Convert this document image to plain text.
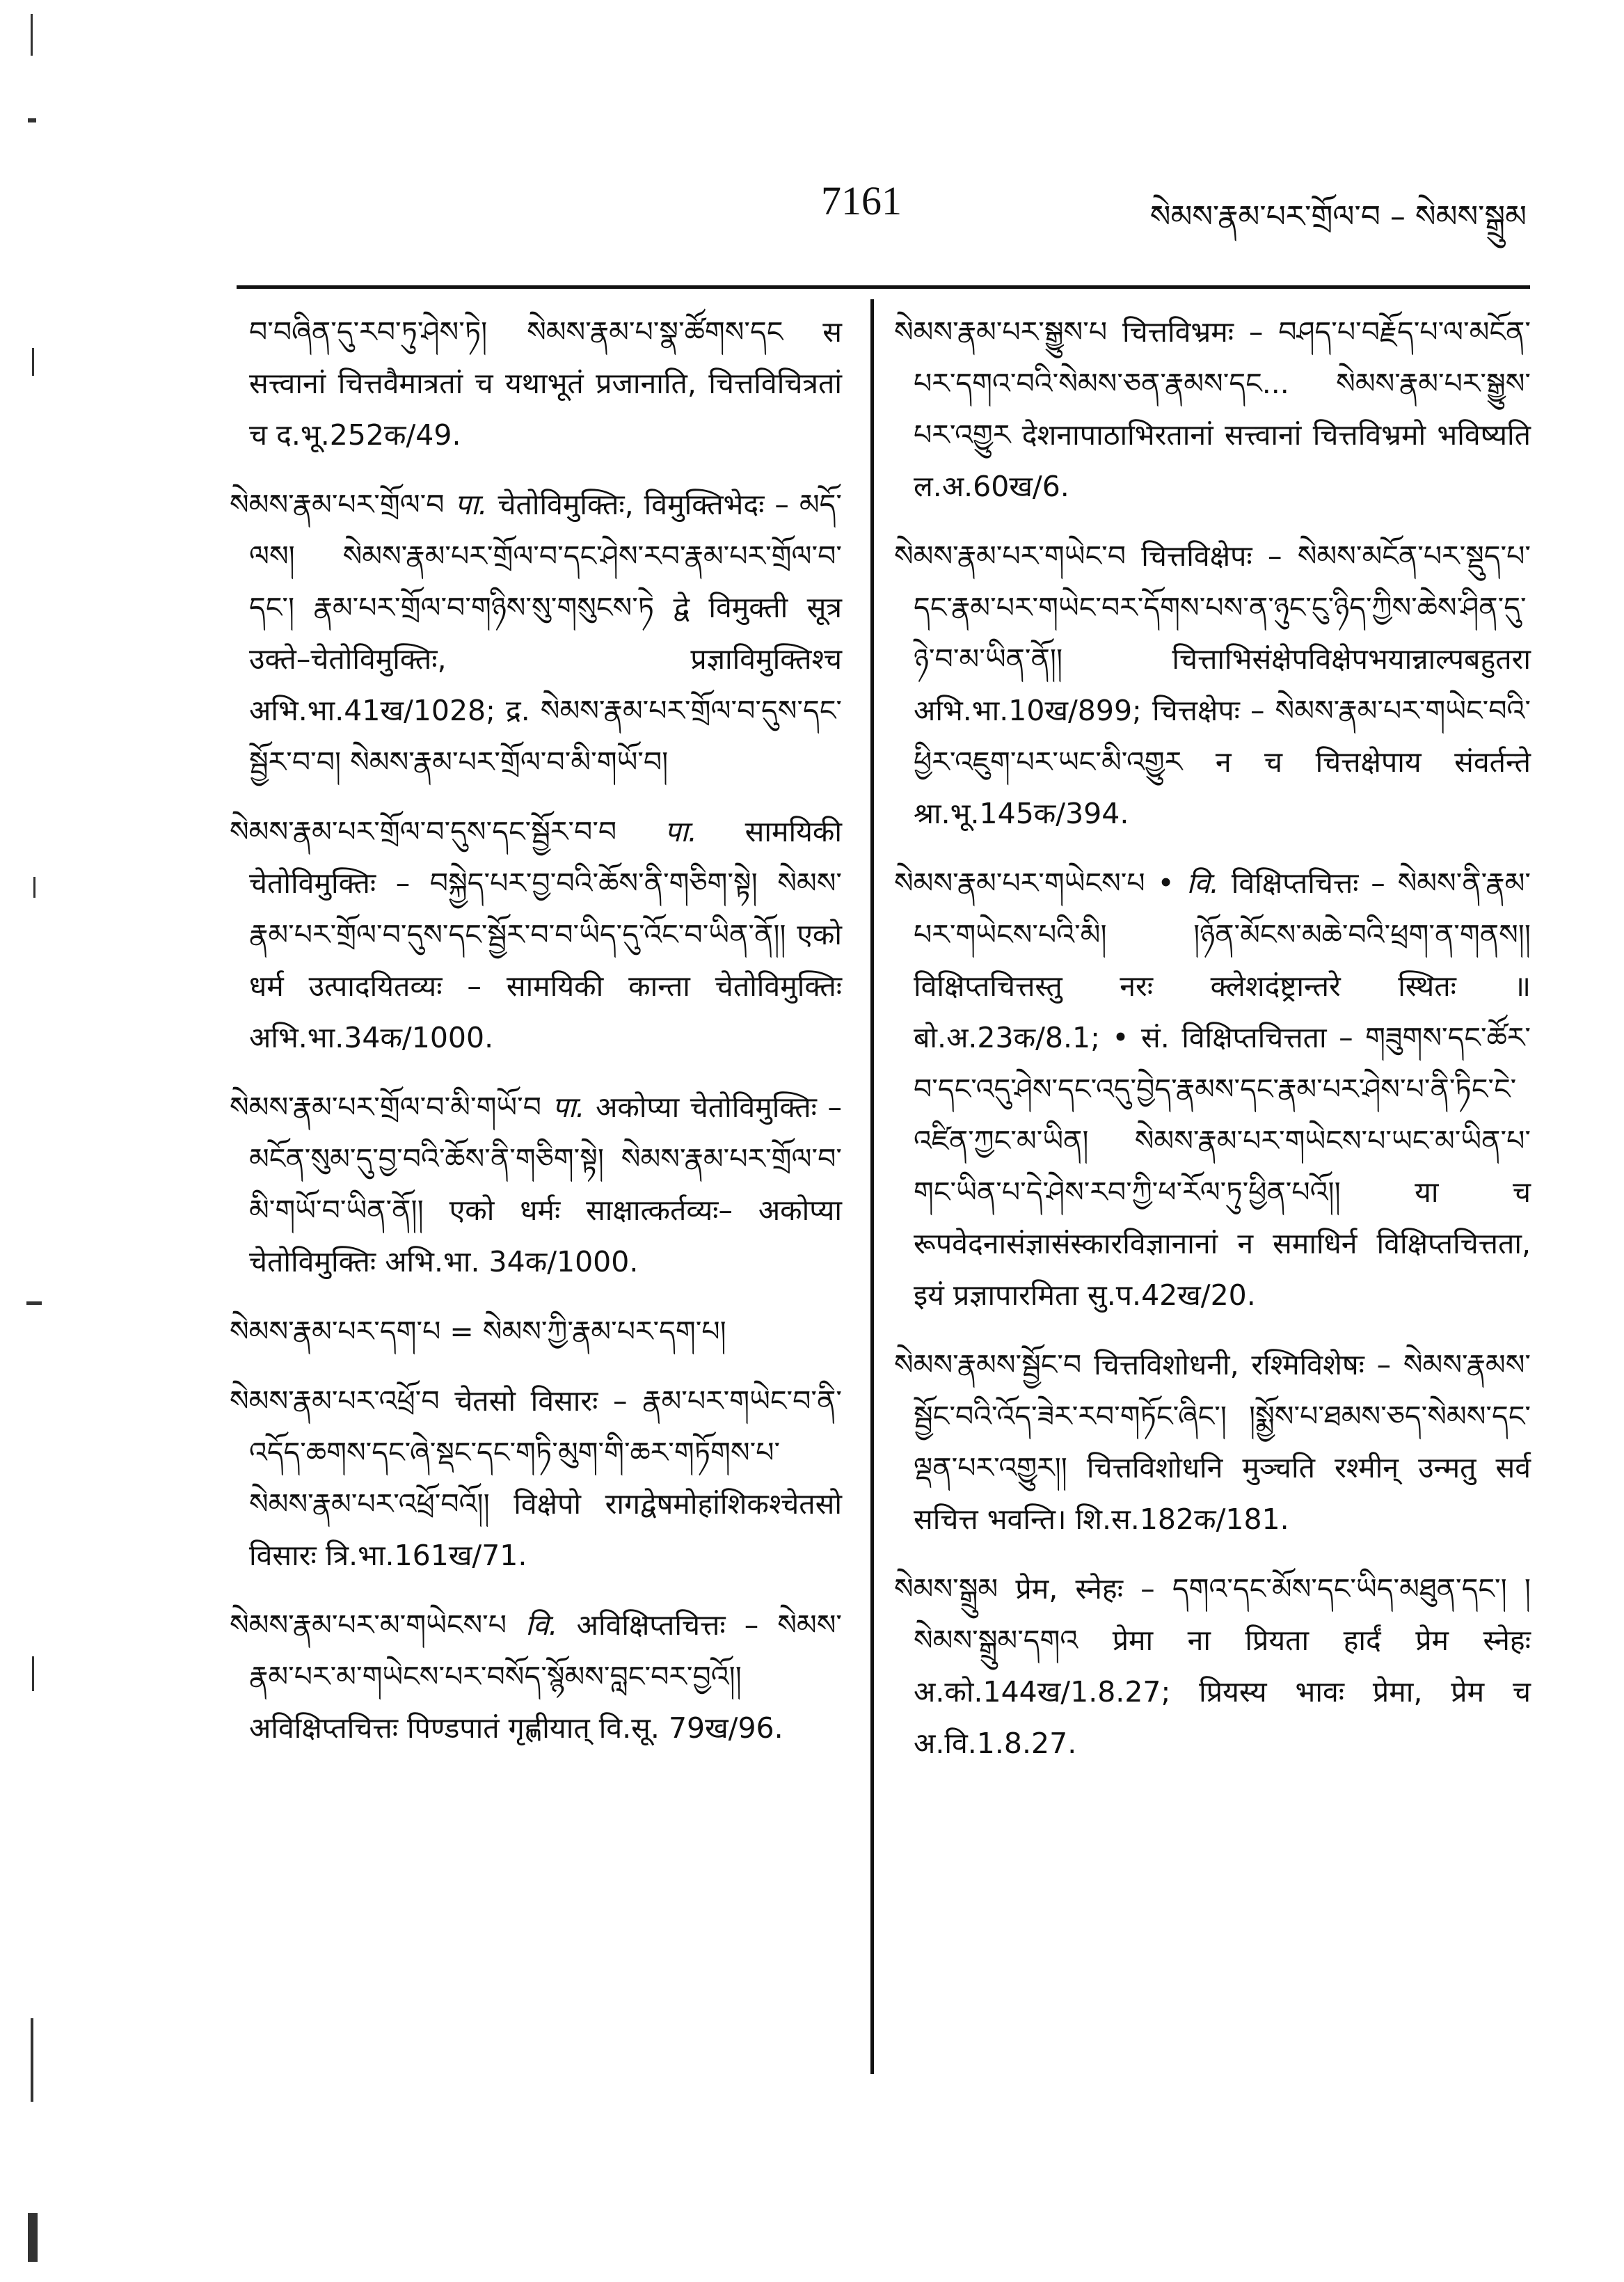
7161	སེམས་རྣམ་པར་གྲོལ་བ – སེམས་སྒྲུམ

བ་བཞིན་དུ་རབ་ཏུ་ཤེས་ཏེ། སེམས་རྣམ་པ་སྣ་ཚོགས་དང स सत्त्वानां चित्तवैमात्रतां च यथाभूतं प्रजानाति, चित्तविचित्रतां च द.भू.252क/49.

སེམས་རྣམ་པར་གྲོལ་བ पा. चेतोविमुक्तिः, विमुक्तिभेदः – མདོ་ལས། སེམས་རྣམ་པར་གྲོལ་བ་དང་ཤེས་རབ་རྣམ་པར་གྲོལ་བ་དང་། རྣམ་པར་གྲོལ་བ་གཉིས་སུ་གསུངས་ཏེ द्वे विमुक्ती सूत्र उक्ते–चेतोविमुक्तिः, प्रज्ञाविमुक्तिश्च अभि.भा.41ख/1028; द्र. སེམས་རྣམ་པར་གྲོལ་བ་དུས་དང་སྦྱོར་བ་བ། སེམས་རྣམ་པར་གྲོལ་བ་མི་གཡོ་བ།

སེམས་རྣམ་པར་གྲོལ་བ་དུས་དང་སྦྱོར་བ་བ पा. सामयिकी चेतोविमुक्तिः – བསྐྱེད་པར་བྱ་བའི་ཆོས་ནི་གཅིག་སྟེ། སེམས་རྣམ་པར་གྲོལ་བ་དུས་དང་སྦྱོར་བ་བ་ཡིད་དུ་འོང་བ་ཡིན་ནོ།། एको धर्म उत्पादयितव्यः – सामयिकी कान्ता चेतोविमुक्तिः अभि.भा.34क/1000.

སེམས་རྣམ་པར་གྲོལ་བ་མི་གཡོ་བ पा. अकोप्या चेतोविमुक्तिः – མངོན་སུམ་དུ་བྱ་བའི་ཆོས་ནི་གཅིག་སྟེ། སེམས་རྣམ་པར་གྲོལ་བ་མི་གཡོ་བ་ཡིན་ནོ།། एको धर्मः साक्षात्कर्तव्यः– अकोप्या चेतोविमुक्तिः अभि.भा. 34क/1000.

སེམས་རྣམ་པར་དག་པ = སེམས་ཀྱི་རྣམ་པར་དག་པ།

སེམས་རྣམ་པར་འཕྲོ་བ चेतसो विसारः – རྣམ་པར་གཡེང་བ་ནི་འདོད་ཆགས་དང་ཞེ་སྡང་དང་གཏི་མུག་གི་ཆར་གཏོགས་པ་སེམས་རྣམ་པར་འཕྲོ་བའོ།། विक्षेपो रागद्वेषमोहांशिकश्चेतसो विसारः त्रि.भा.161ख/71.

སེམས་རྣམ་པར་མ་གཡེངས་པ वि. अविक्षिप्तचित्तः – སེམས་རྣམ་པར་མ་གཡེངས་པར་བསོད་སྙོམས་བླང་བར་བྱའོ།། अविक्षिप्तचित्तः पिण्डपातं गृह्णीयात् वि.सू. 79ख/96.

སེམས་རྣམ་པར་སྒྱུས་པ चित्तविभ्रमः – བཤད་པ་བརྗོད་པ་ལ་མངོན་པར་དགའ་བའི་སེམས་ཅན་རྣམས་དང... སེམས་རྣམ་པར་སྒྱུས་པར་འགྱུར देशनापाठाभिरतानां सत्त्वानां चित्तविभ्रमो भविष्यति ल.अ.60ख/6.

སེམས་རྣམ་པར་གཡེང་བ चित्तविक्षेपः – སེམས་མངོན་པར་སྡུད་པ་དང་རྣམ་པར་གཡེང་བར་དོགས་པས་ན་ཉུང་ངུ་ཉིད་ཀྱིས་ཆེས་ཤིན་དུ་ཉེ་བ་མ་ཡིན་ནོ།། चित्ताभिसंक्षेपविक्षेपभयान्नाल्पबहुतरा अभि.भा.10ख/899; चित्तक्षेपः – སེམས་རྣམ་པར་གཡེང་བའི་ཕྱིར་འཇུག་པར་ཡང་མི་འགྱུར न च चित्तक्षेपाय संवर्तन्ते श्रा.भू.145क/394.

སེམས་རྣམ་པར་གཡེངས་པ • वि. विक्षिप्तचित्तः – སེམས་ནི་རྣམ་པར་གཡེངས་པའི་མི། །ཉོན་མོངས་མཆེ་བའི་ཕྲག་ན་གནས།། विक्षिप्तचित्तस्तु नरः क्लेशदंष्ट्रान्तरे स्थितः ॥ बो.अ.23क/8.1; • सं. विक्षिप्तचित्तता – གཟུགས་དང་ཚོར་བ་དང་འདུ་ཤེས་དང་འདུ་བྱེད་རྣམས་དང་རྣམ་པར་ཤེས་པ་ནི་ཏིང་ངེ་འཛིན་ཀྱང་མ་ཡིན། སེམས་རྣམ་པར་གཡེངས་པ་ཡང་མ་ཡིན་པ་གང་ཡིན་པ་དེ་ཤེས་རབ་ཀྱི་ཕ་རོལ་ཏུ་ཕྱིན་པའོ།། या च रूपवेदनासंज्ञासंस्कारविज्ञानानां न समाधिर्न विक्षिप्तचित्तता, इयं प्रज्ञापारमिता सु.प.42ख/20.

སེམས་རྣམས་སྦྱོང་བ चित्तविशोधनी, रश्मिविशेषः – སེམས་རྣམས་སྦྱོང་བའི་འོད་ཟེར་རབ་གཏོང་ཞིང་། །སྨྱོས་པ་ཐམས་ཅད་སེམས་དང་ལྡན་པར་འགྱུར།། चित्तविशोधनि मुञ्चति रश्मीन् उन्मतु सर्व सचित्त भवन्ति। शि.स.182क/181.

སེམས་སྒྲུམ प्रेम, स्नेहः – དགའ་དང་མོས་དང་ཡིད་མཐུན་དང་། །སེམས་སྒྲུམ་དགའ प्रेमा ना प्रियता हार्दं प्रेम स्नेहः अ.को.144ख/1.8.27; प्रियस्य भावः प्रेमा, प्रेम च अ.वि.1.8.27.
